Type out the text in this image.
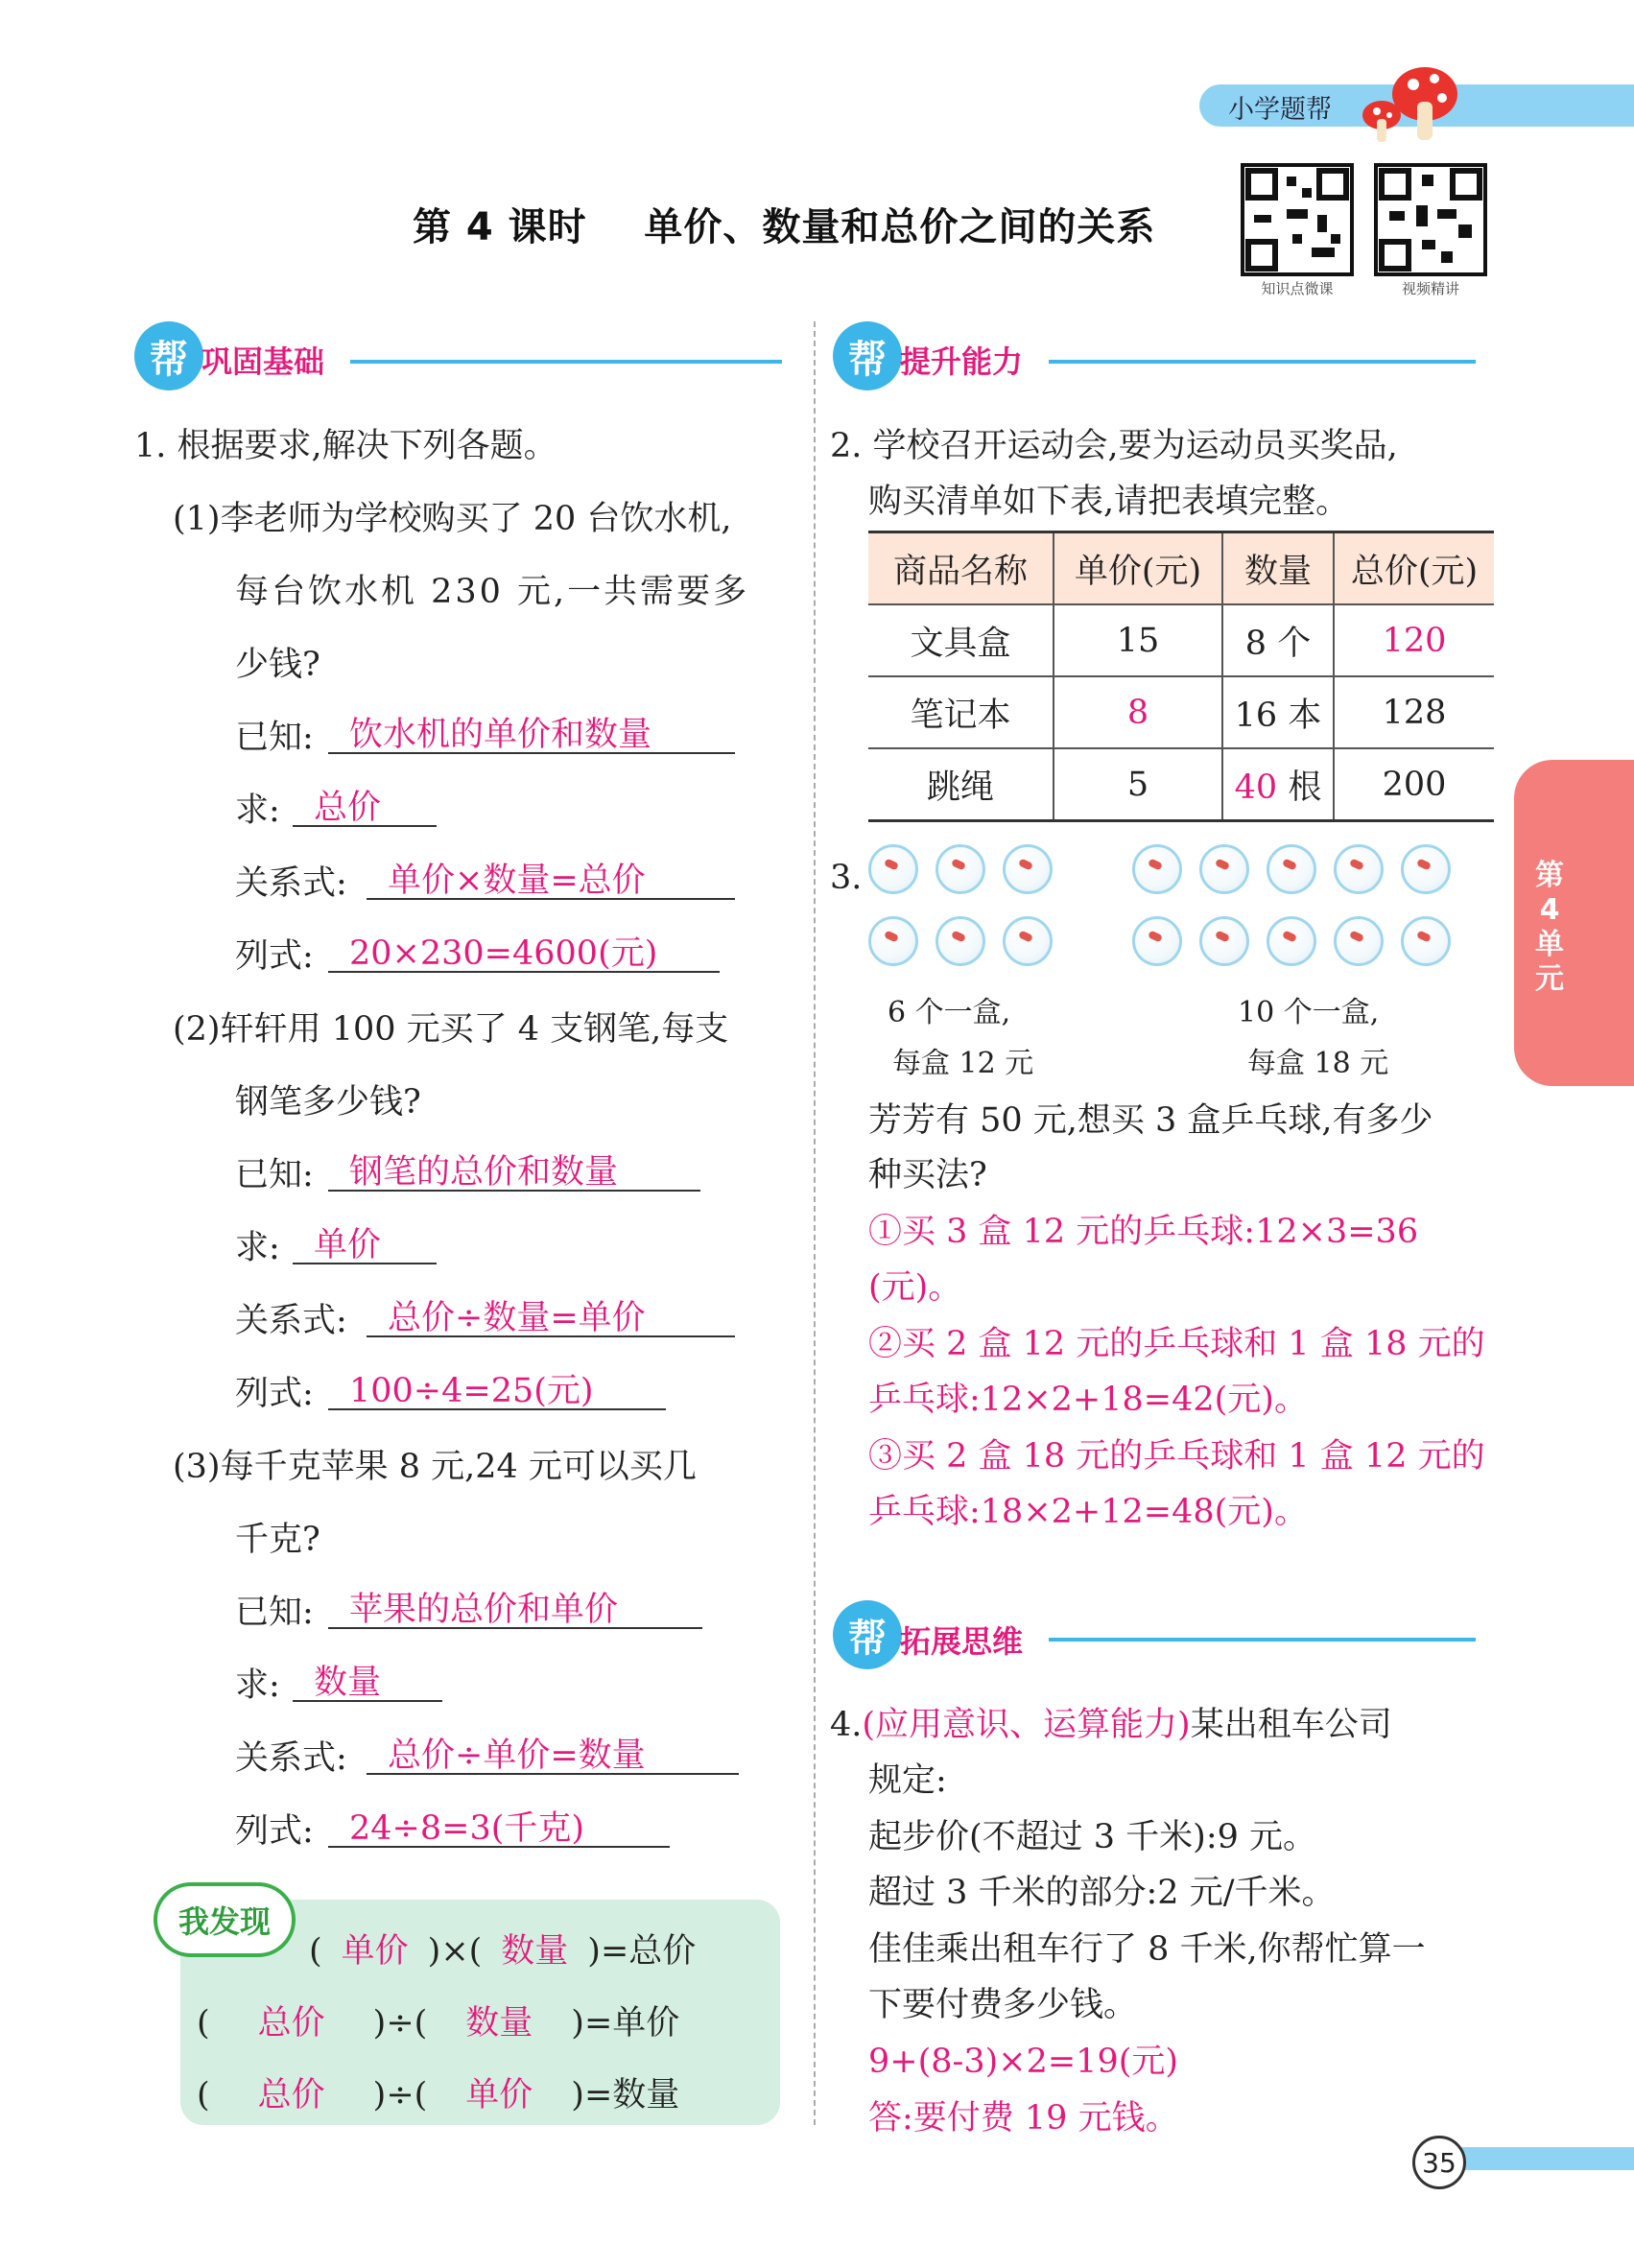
小学题帮
第 4 课时    单价、数量和总价之间的关系
知识点微课	视频精讲
帮 巩固基础
1. 根据要求,解决下列各题。
(1)李老师为学校购买了 20 台饮水机,
每台饮水机 230 元,一共需要多
少钱?
已知:	饮水机的单价和数量
求:	总价
关系式:	单价×数量=总价
列式:	20×230=4600(元)
(2)轩轩用 100 元买了 4 支钢笔,每支
钢笔多少钱?
已知:	钢笔的总价和数量
求:	单价
关系式:	总价÷数量=单价
列式:	100÷4=25(元)
(3)每千克苹果 8 元,24 元可以买几
千克?
已知:	苹果的总价和单价
求:	数量
关系式:	总价÷单价=数量
列式:	24÷8=3(千克)
我发现
( 单价 )×( 数量 )=总价
( 总价 )÷( 数量 )=单价
( 总价 )÷( 单价 )=数量
帮 提升能力
2. 学校召开运动会,要为运动员买奖品,
购买清单如下表,请把表填完整。
商品名称	单价(元)	数量	总价(元)
文具盒	15	8 个	120
笔记本	8	16 本	128
跳绳	5	40 根	200
3.
6 个一盒,
每盒 12 元
10 个一盒,
每盒 18 元
芳芳有 50 元,想买 3 盒乒乓球,有多少
种买法?
①买 3 盒 12 元的乒乓球:12×3=36
(元)。
②买 2 盒 12 元的乒乓球和 1 盒 18 元的
乒乓球:12×2+18=42(元)。
③买 2 盒 18 元的乒乓球和 1 盒 12 元的
乒乓球:18×2+12=48(元)。
帮 拓展思维
4.(应用意识、运算能力)某出租车公司
规定:
起步价(不超过 3 千米):9 元。
超过 3 千米的部分:2 元/千米。
佳佳乘出租车行了 8 千米,你帮忙算一
下要付费多少钱。
9+(8-3)×2=19(元)
答:要付费 19 元钱。
第
4
单
元
35
